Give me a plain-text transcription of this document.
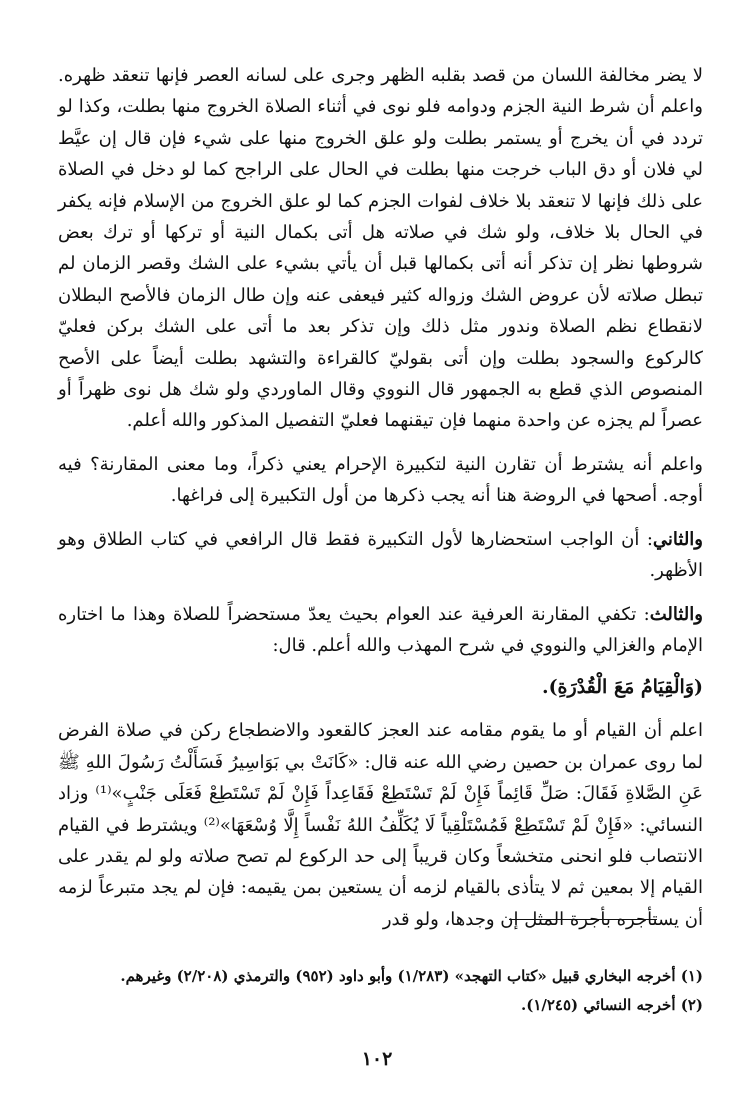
لا يضر مخالفة اللسان من قصد بقلبه الظهر وجرى على لسانه العصر فإنها تنعقد ظهره. واعلم أن شرط النية الجزم ودوامه فلو نوى في أثناء الصلاة الخروج منها بطلت، وكذا لو تردد في أن يخرج أو يستمر بطلت ولو علق الخروج منها على شيء فإن قال إن عيَّط لي فلان أو دق الباب خرجت منها بطلت في الحال على الراجح كما لو دخل في الصلاة على ذلك فإنها لا تنعقد بلا خلاف لفوات الجزم كما لو علق الخروج من الإسلام فإنه يكفر في الحال بلا خلاف، ولو شك في صلاته هل أتى بكمال النية أو تركها أو ترك بعض شروطها نظر إن تذكر أنه أتى بكمالها قبل أن يأتي بشيء على الشك وقصر الزمان لم تبطل صلاته لأن عروض الشك وزواله كثير فيعفى عنه وإن طال الزمان فالأصح البطلان لانقطاع نظم الصلاة وندور مثل ذلك وإن تذكر بعد ما أتى على الشك بركن فعليّ كالركوع والسجود بطلت وإن أتى بقوليّ كالقراءة والتشهد بطلت أيضاً على الأصح المنصوص الذي قطع به الجمهور قال النووي وقال الماوردي ولو شك هل نوى ظهراً أو عصراً لم يجزه عن واحدة منهما فإن تيقنهما فعليّ التفصيل المذكور والله أعلم.

واعلم أنه يشترط أن تقارن النية لتكبيرة الإحرام يعني ذكراً، وما معنى المقارنة؟ فيه أوجه. أصحها في الروضة هنا أنه يجب ذكرها من أول التكبيرة إلى فراغها.

والثاني: أن الواجب استحضارها لأول التكبيرة فقط قال الرافعي في كتاب الطلاق وهو الأظهر.

والثالث: تكفي المقارنة العرفية عند العوام بحيث يعدّ مستحضراً للصلاة وهذا ما اختاره الإمام والغزالي والنووي في شرح المهذب والله أعلم. قال:

(وَالْقِيَامُ مَعَ الْقُدْرَةِ).

اعلم أن القيام أو ما يقوم مقامه عند العجز كالقعود والاضطجاع ركن في صلاة الفرض لما روى عمران بن حصين رضي الله عنه قال: «كَانَتْ بي بَوَاسِيرُ فَسَأَلْتُ رَسُولَ اللهِ ﷺ عَنِ الصَّلاةِ فَقَالَ: صَلِّ قَائِماً فَإِنْ لَمْ تَسْتَطِعْ فَقَاعِداً فَإِنْ لَمْ تَسْتَطِعْ فَعَلَى جَنْبٍ»⁽¹⁾ وزاد النسائي: «فَإِنْ لَمْ تَسْتَطِعْ فَمُسْتَلْقِياً لَا يُكَلِّفُ اللهُ نَفْساً إِلَّا وُسْعَهَا»⁽²⁾ ويشترط في القيام الانتصاب فلو انحنى متخشعاً وكان قريباً إلى حد الركوع لم تصح صلاته ولو لم يقدر على القيام إلا بمعين ثم لا يتأذى بالقيام لزمه أن يستعين بمن يقيمه: فإن لم يجد متبرعاً لزمه أن يستأجره بأجرة المثل إن وجدها، ولو قدر

(١) أخرجه البخاري قبيل «كتاب التهجد» (١/٢٨٣) وأبو داود (٩٥٢) والترمذي (٢/٢٠٨) وغيرهم.
(٢) أخرجه النسائي (١/٢٤٥).
١٠٢
